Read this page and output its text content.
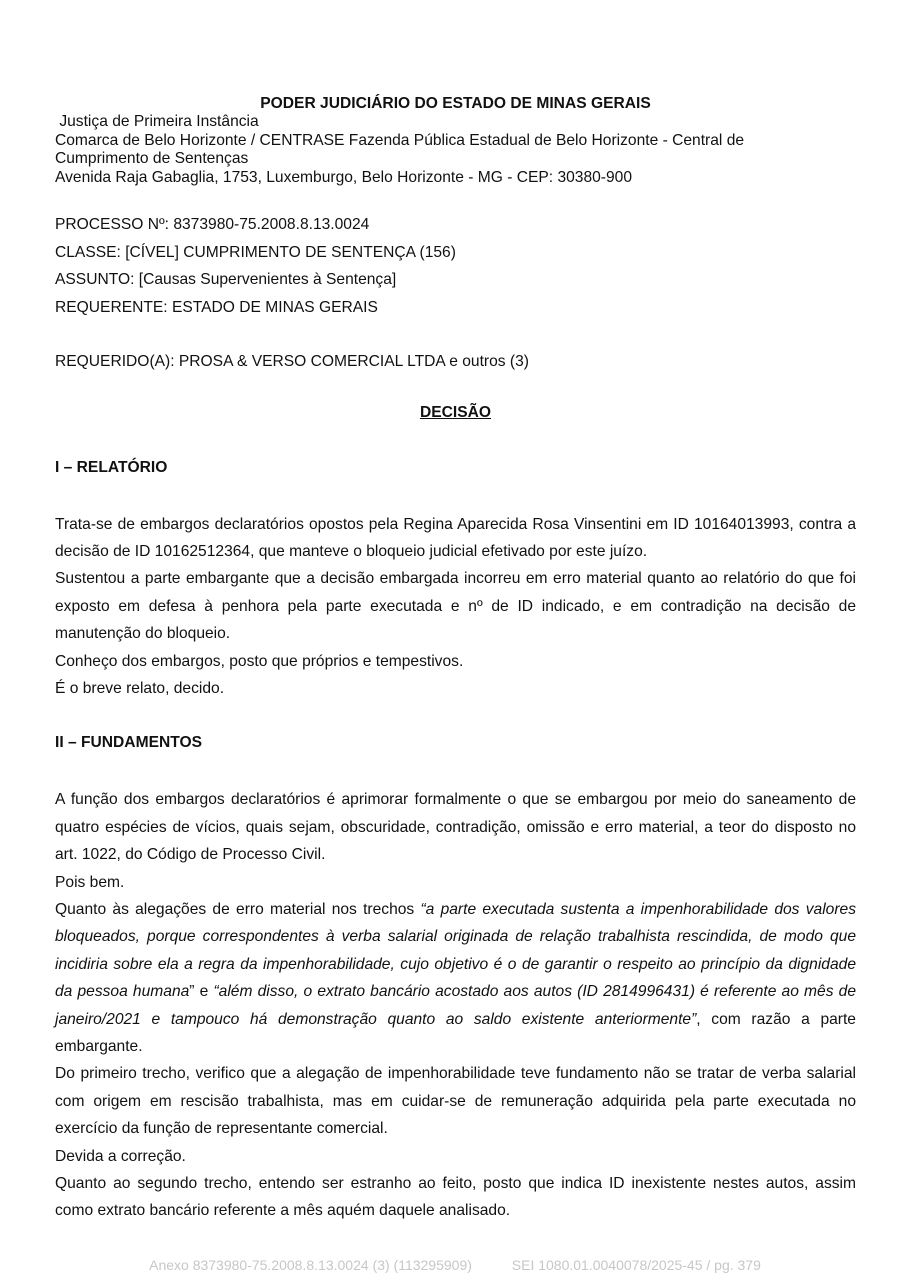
PODER JUDICIÁRIO DO ESTADO DE MINAS GERAIS
Justiça de Primeira Instância
Comarca de Belo Horizonte / CENTRASE Fazenda Pública Estadual de Belo Horizonte - Central de
Cumprimento de Sentenças
Avenida Raja Gabaglia, 1753, Luxemburgo, Belo Horizonte - MG - CEP: 30380-900
PROCESSO Nº: 8373980-75.2008.8.13.0024
CLASSE: [CÍVEL] CUMPRIMENTO DE SENTENÇA (156)
ASSUNTO: [Causas Supervenientes à Sentença]
REQUERENTE: ESTADO DE MINAS GERAIS
REQUERIDO(A): PROSA & VERSO COMERCIAL LTDA e outros (3)
DECISÃO
I – RELATÓRIO
Trata-se de embargos declaratórios opostos pela Regina Aparecida Rosa Vinsentini em ID 10164013993, contra a decisão de ID 10162512364, que manteve o bloqueio judicial efetivado por este juízo.
Sustentou a parte embargante que a decisão embargada incorreu em erro material quanto ao relatório do que foi exposto em defesa à penhora pela parte executada e nº de ID indicado, e em contradição na decisão de manutenção do bloqueio.
Conheço dos embargos, posto que próprios e tempestivos.
É o breve relato, decido.
II – FUNDAMENTOS
A função dos embargos declaratórios é aprimorar formalmente o que se embargou por meio do saneamento de quatro espécies de vícios, quais sejam, obscuridade, contradição, omissão e erro material, a teor do disposto no art. 1022, do Código de Processo Civil.
Pois bem.
Quanto às alegações de erro material nos trechos “a parte executada sustenta a impenhorabilidade dos valores bloqueados, porque correspondentes à verba salarial originada de relação trabalhista rescindida, de modo que incidiria sobre ela a regra da impenhorabilidade, cujo objetivo é o de garantir o respeito ao princípio da dignidade da pessoa humana” e “além disso, o extrato bancário acostado aos autos (ID 2814996431) é referente ao mês de janeiro/2021 e tampouco há demonstração quanto ao saldo existente anteriormente”, com razão a parte embargante.
Do primeiro trecho, verifico que a alegação de impenhorabilidade teve fundamento não se tratar de verba salarial com origem em rescisão trabalhista, mas em cuidar-se de remuneração adquirida pela parte executada no exercício da função de representante comercial.
Devida a correção.
Quanto ao segundo trecho, entendo ser estranho ao feito, posto que indica ID inexistente nestes autos, assim como extrato bancário referente a mês aquém daquele analisado.
Anexo 8373980-75.2008.8.13.0024 (3) (113295909)	SEI 1080.01.0040078/2025-45 / pg. 379
